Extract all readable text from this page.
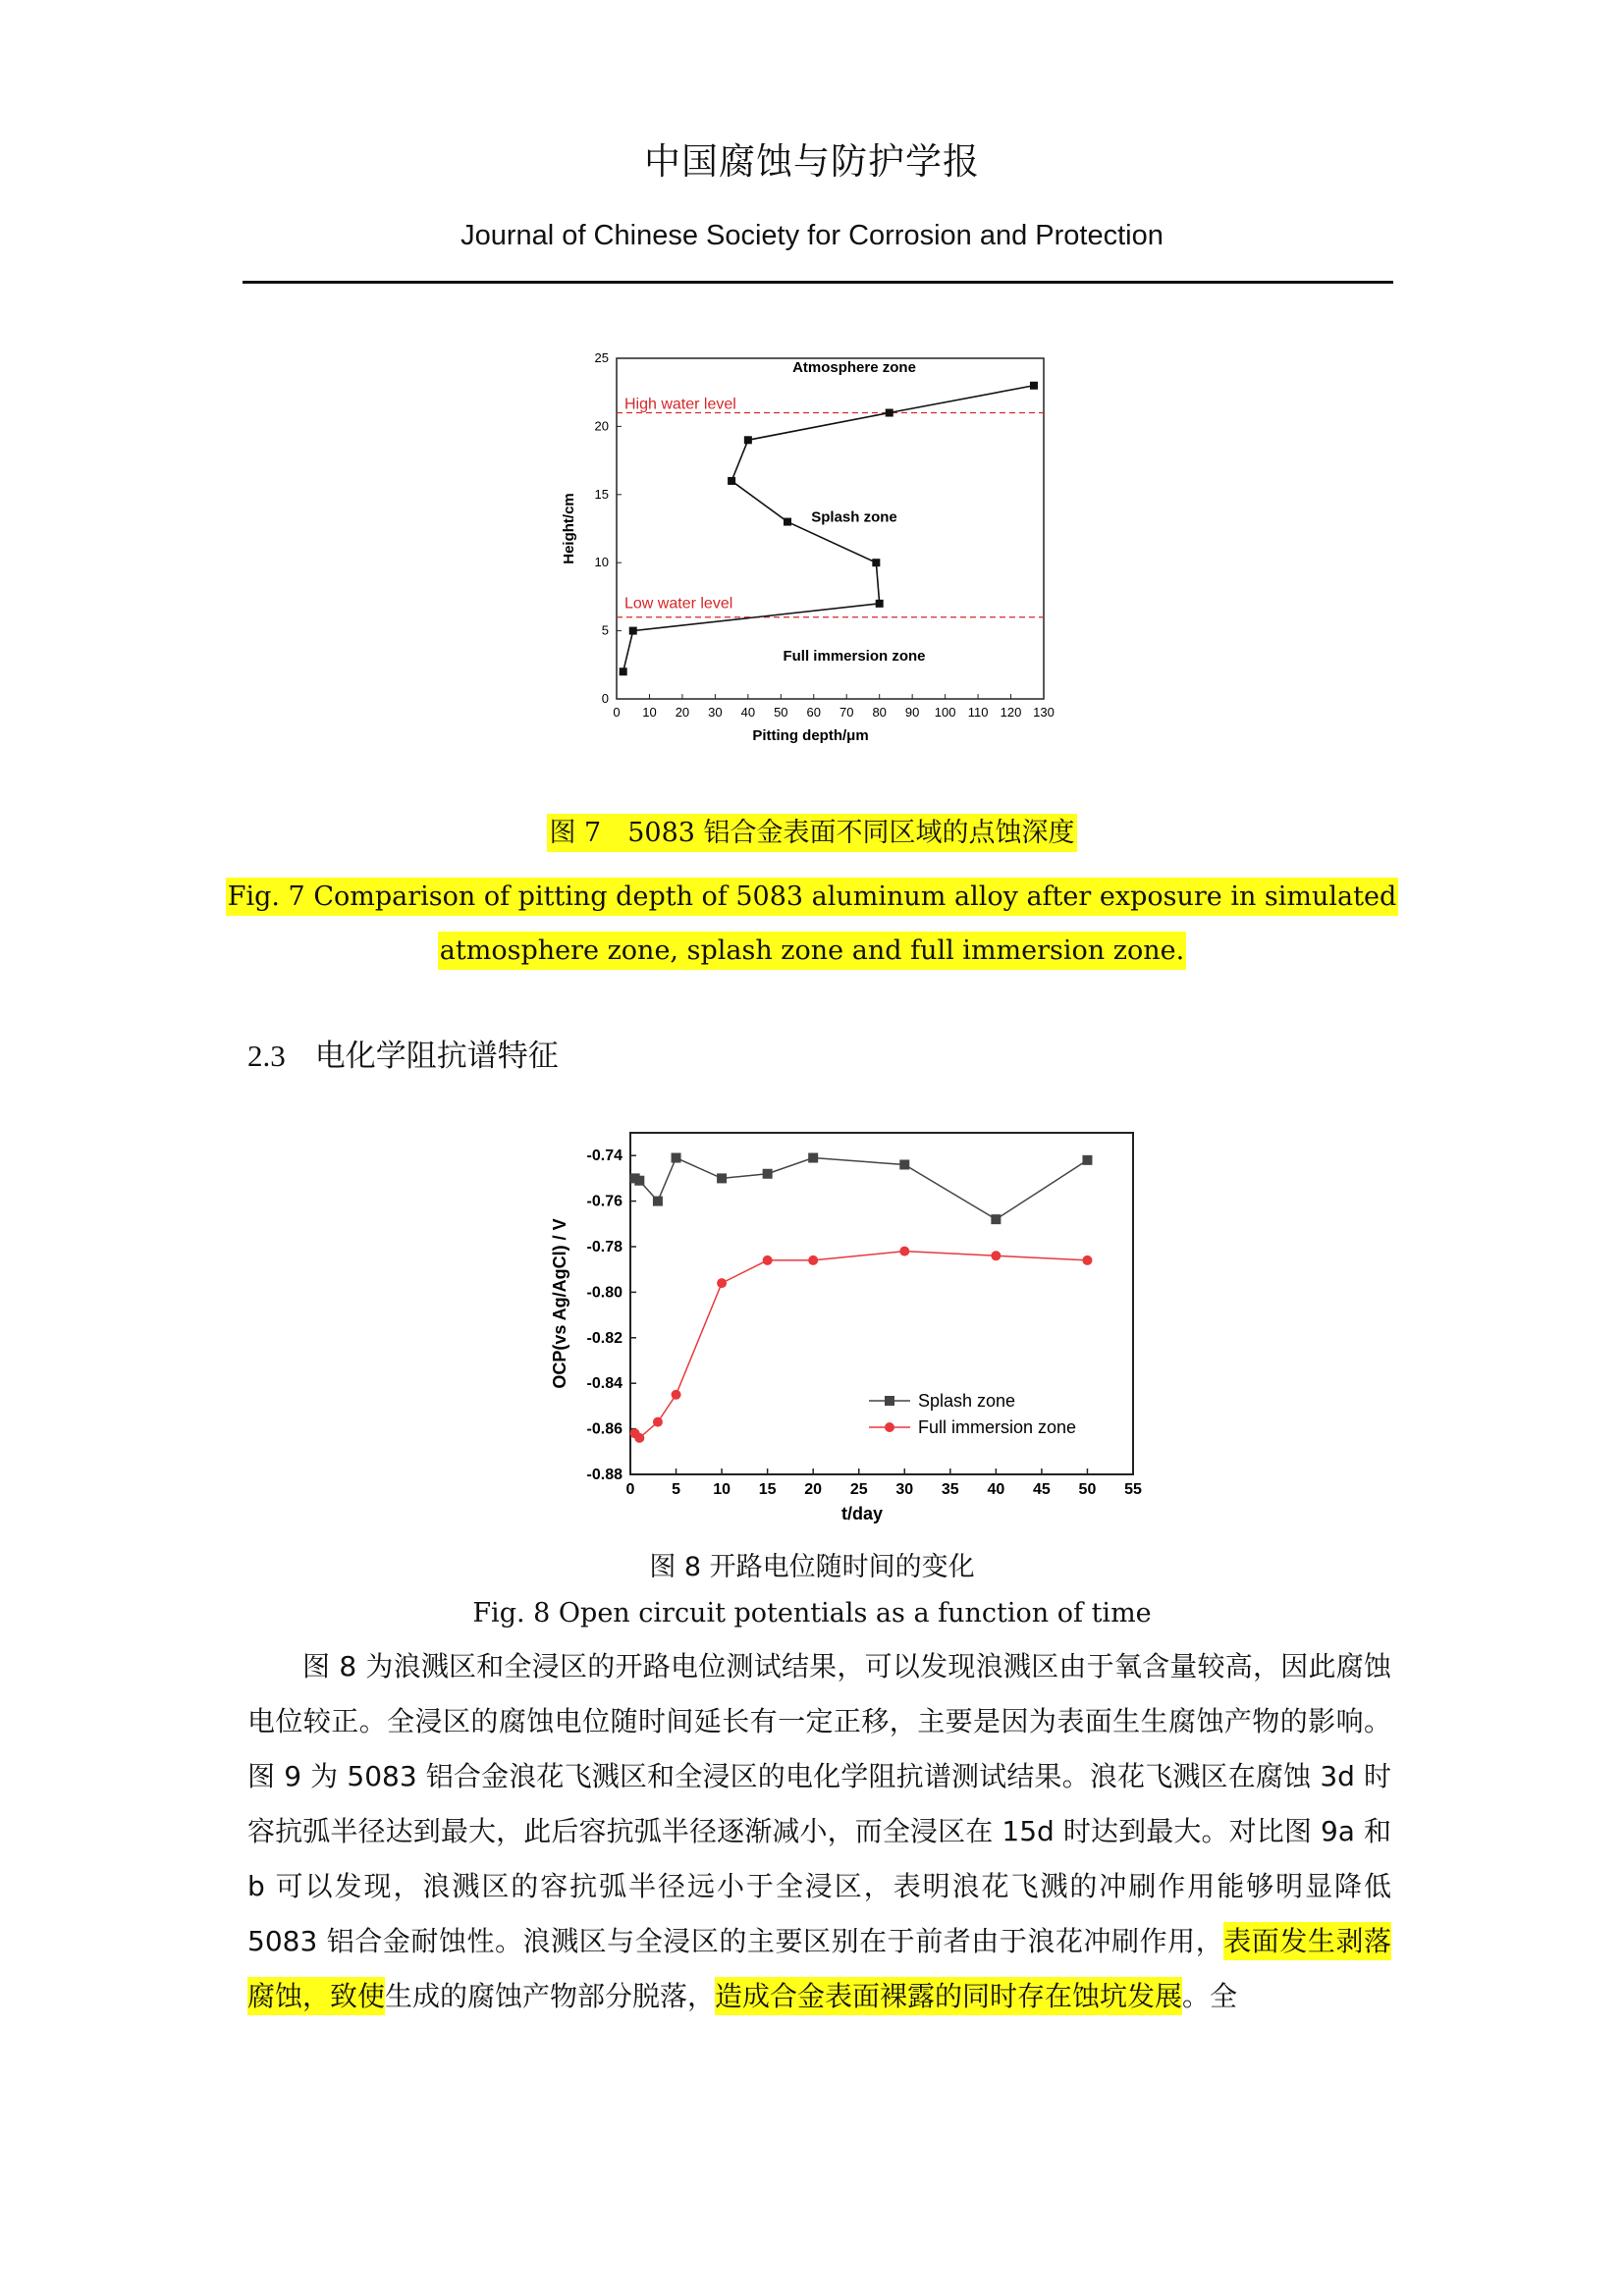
中国腐蚀与防护学报
Journal of Chinese Society for Corrosion and Protection
0 10 20 30 40 50 60 70 80 90 100 110 120 130
0
5
10
15
20
25
Pitting depth/μm
Height/cm
High water level
Low water level
Atmosphere zone
Splash zone
Full immersion zone
图 7　5083 铝合金表面不同区域的点蚀深度
Fig. 7 Comparison of pitting depth of 5083 aluminum alloy after exposure in simulated
atmosphere zone, splash zone and full immersion zone.
2.3 电化学阻抗谱特征
0 5 10 15 20 25 30 35 40 45 50 55
-0.74
-0.76
-0.78
-0.80
-0.82
-0.84
-0.86
-0.88
t/day
OCP(vs Ag/AgCl) / V
Splash zone
Full immersion zone
图 8 开路电位随时间的变化
Fig. 8 Open circuit potentials as a function of time
图 8 为浪溅区和全浸区的开路电位测试结果，可以发现浪溅区由于氧含量较高，因此腐蚀电位较正。全浸区的腐蚀电位随时间延长有一定正移，主要是因为表面生生腐蚀产物的影响。图 9 为 5083 铝合金浪花飞溅区和全浸区的电化学阻抗谱测试结果。浪花飞溅区在腐蚀 3d 时容抗弧半径达到最大，此后容抗弧半径逐渐减小，而全浸区在 15d 时达到最大。对比图 9a 和 b 可以发现，浪溅区的容抗弧半径远小于全浸区，表明浪花飞溅的冲刷作用能够明显降低 5083 铝合金耐蚀性。浪溅区与全浸区的主要区别在于前者由于浪花冲刷作用，表面发生剥落腐蚀，致使生成的腐蚀产物部分脱落，造成合金表面裸露的同时存在蚀坑发展。全
